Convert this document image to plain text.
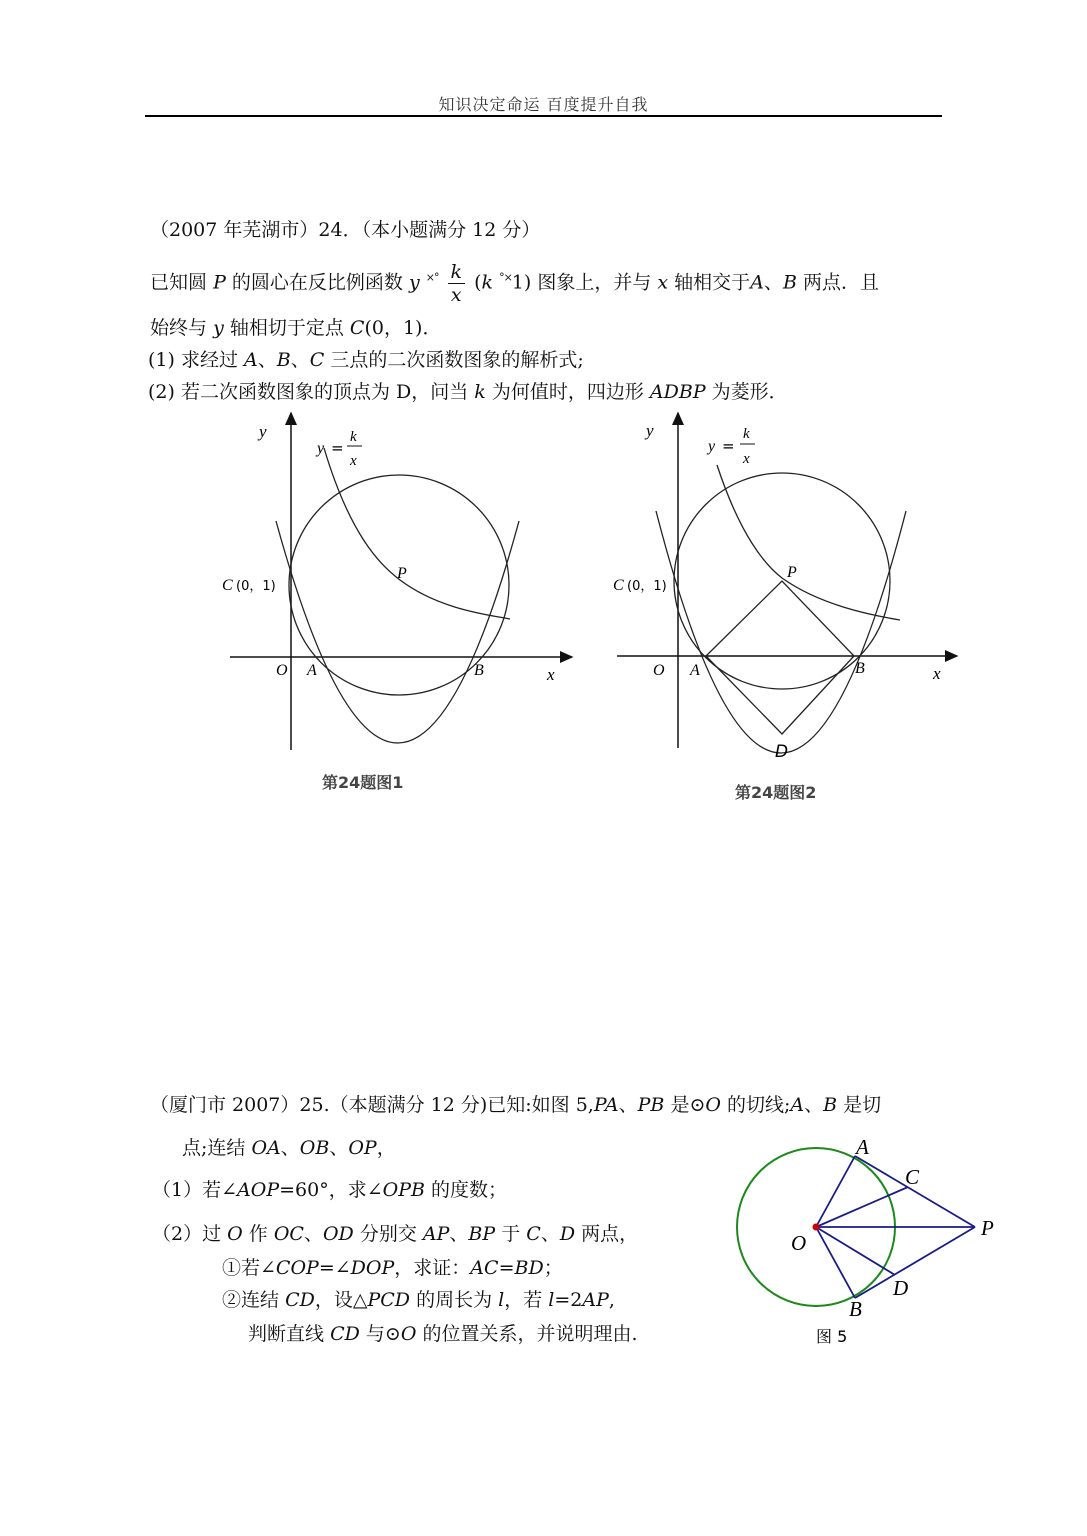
知识决定命运 百度提升自我
（2007 年芜湖市）24．（本小题满分 12 分）
已知圆 P 的圆心在反比例函数 y $^{\times^\circ} \frac{k}{x} (k$ °×1) 图象上，并与 x 轴相交于A、B 两点．且
始终与 y 轴相切于定点 C(0，1)．
(1) 求经过 A、B、C 三点的二次函数图象的解析式;
(2) 若二次函数图象的顶点为 D，问当 k 为何值时，四边形 ADBP 为菱形．
y
x
O A	B
P
C (0，1)
y =
k
x
第24题图1
y
x
O A	B
P
D
C (0，1)
y =
k
x
第24题图2
（厦门市 2007）25.（本题满分 12 分)已知:如图 5,PA、PB 是⊙O 的切线;A、B 是切
点;连结 OA、OB、OP，
（1）若∠AOP=60°，求∠OPB 的度数；
（2）过 O 作 OC、OD 分别交 AP、BP 于 C、D 两点，
①若∠COP=∠DOP，求证：AC=BD；
②连结 CD，设△PCD 的周长为 l，若 l=2AP,
判断直线 CD 与⊙O 的位置关系，并说明理由.
A
C
P
O
D
B
图 5
